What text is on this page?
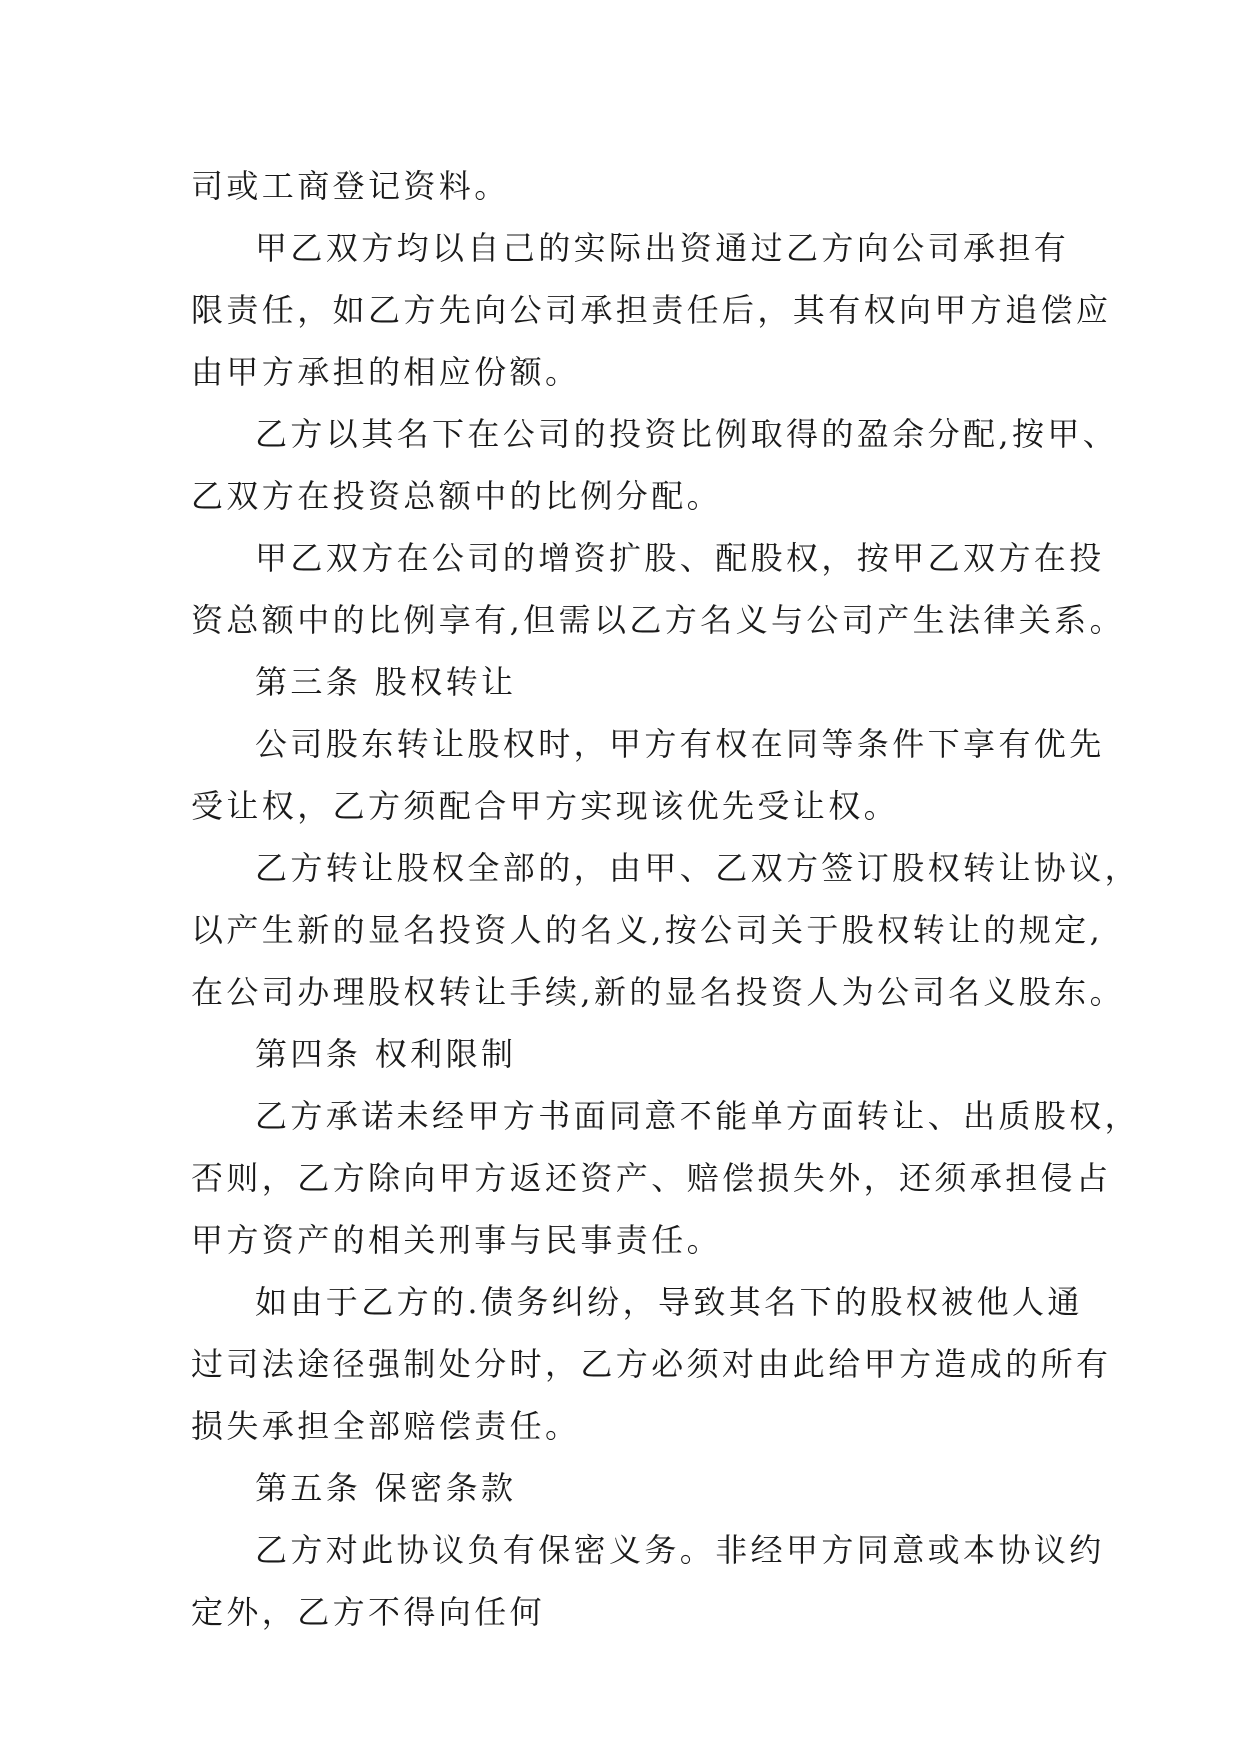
司或工商登记资料。
甲乙双方均以自己的实际出资通过乙方向公司承担有
限责任，如乙方先向公司承担责任后，其有权向甲方追偿应
由甲方承担的相应份额。
乙方以其名下在公司的投资比例取得的盈余分配,按甲、
乙双方在投资总额中的比例分配。
甲乙双方在公司的增资扩股、配股权，按甲乙双方在投
资总额中的比例享有,但需以乙方名义与公司产生法律关系。
第三条 股权转让
公司股东转让股权时，甲方有权在同等条件下享有优先
受让权，乙方须配合甲方实现该优先受让权。
乙方转让股权全部的，由甲、乙双方签订股权转让协议，
以产生新的显名投资人的名义,按公司关于股权转让的规定,
在公司办理股权转让手续,新的显名投资人为公司名义股东。
第四条 权利限制
乙方承诺未经甲方书面同意不能单方面转让、出质股权，
否则，乙方除向甲方返还资产、赔偿损失外，还须承担侵占
甲方资产的相关刑事与民事责任。
如由于乙方的.债务纠纷，导致其名下的股权被他人通
过司法途径强制处分时，乙方必须对由此给甲方造成的所有
损失承担全部赔偿责任。
第五条 保密条款
乙方对此协议负有保密义务。非经甲方同意或本协议约
定外，乙方不得向任何
